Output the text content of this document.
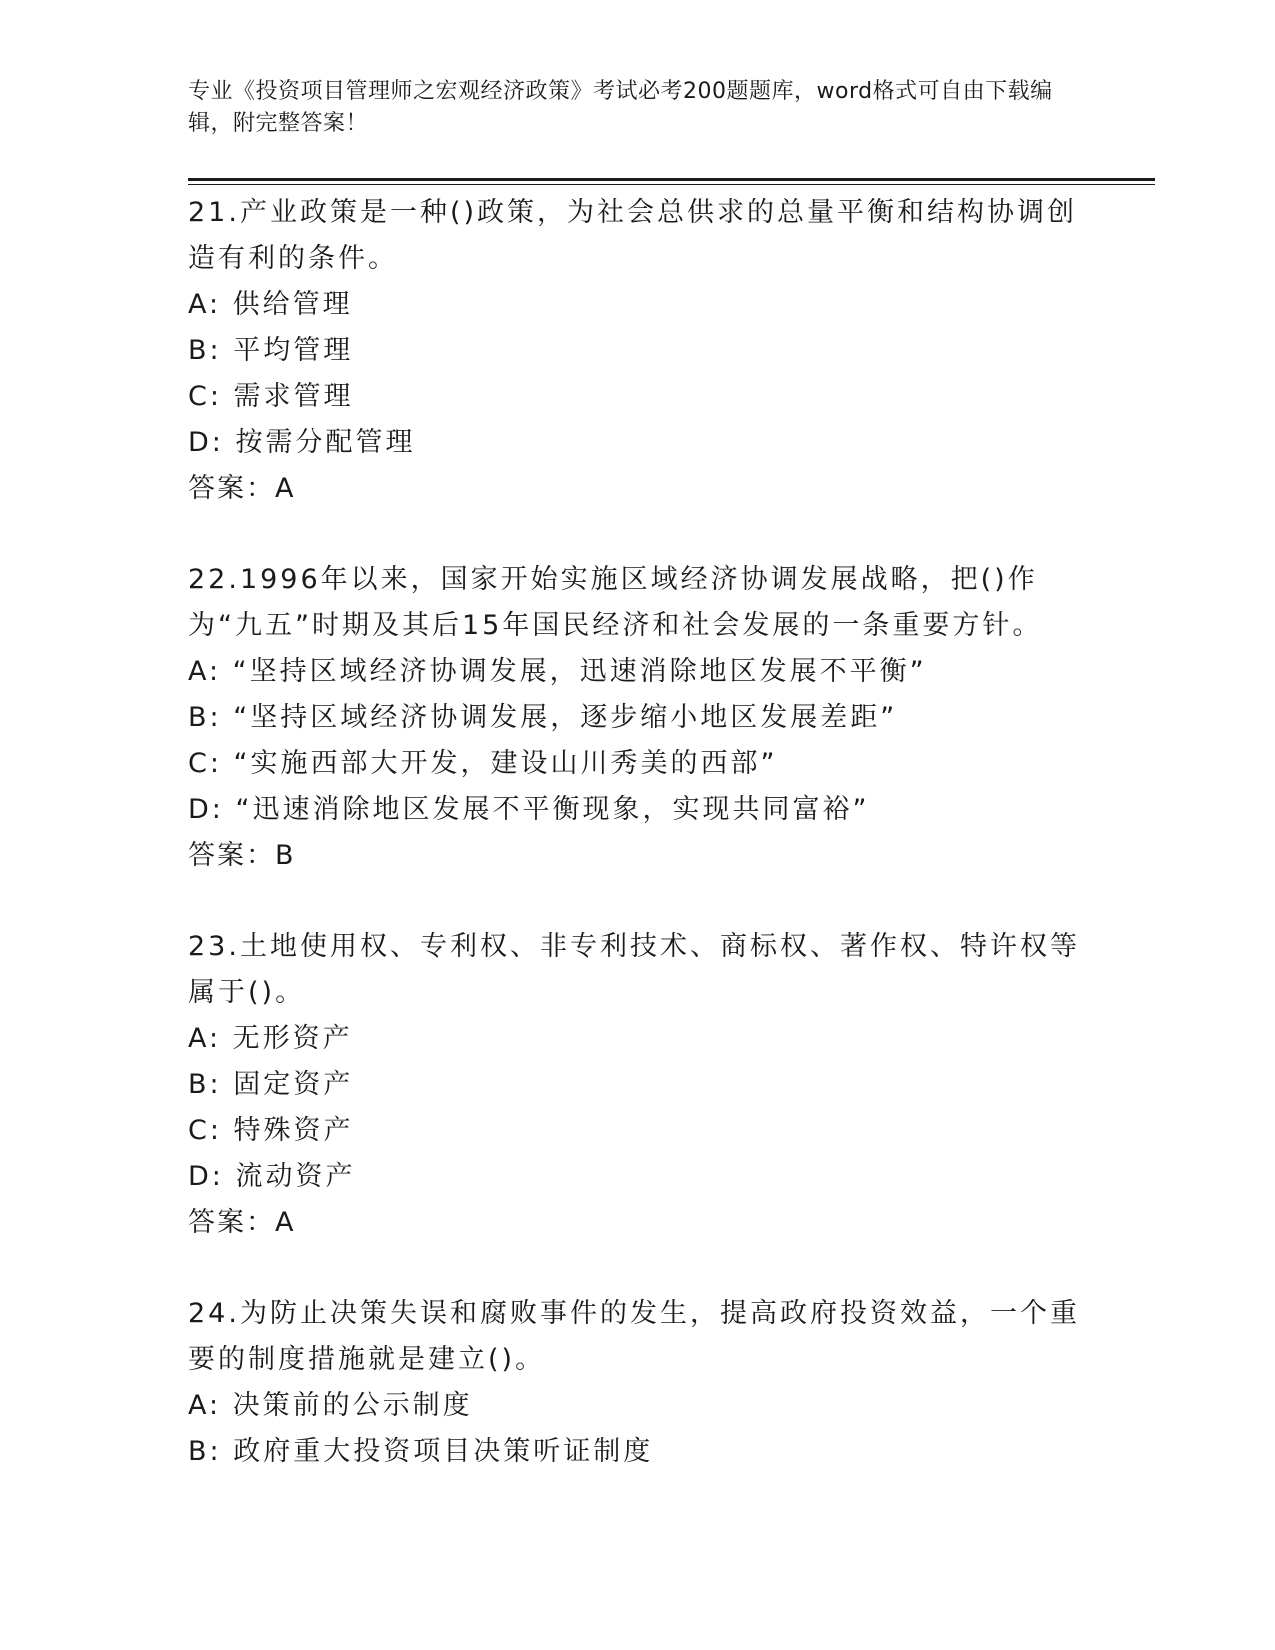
专业《投资项目管理师之宏观经济政策》考试必考200题题库，word格式可自由下载编辑，附完整答案！
21.产业政策是一种()政策，为社会总供求的总量平衡和结构协调创造有利的条件。
A: 供给管理
B: 平均管理
C: 需求管理
D: 按需分配管理
答案：A
22.1996年以来，国家开始实施区域经济协调发展战略，把()作为“九五”时期及其后15年国民经济和社会发展的一条重要方针。
A: “坚持区域经济协调发展，迅速消除地区发展不平衡”
B: “坚持区域经济协调发展，逐步缩小地区发展差距”
C: “实施西部大开发，建设山川秀美的西部”
D: “迅速消除地区发展不平衡现象，实现共同富裕”
答案：B
23.土地使用权、专利权、非专利技术、商标权、著作权、特许权等属于()。
A: 无形资产
B: 固定资产
C: 特殊资产
D: 流动资产
答案：A
24.为防止决策失误和腐败事件的发生，提高政府投资效益，一个重要的制度措施就是建立()。
A: 决策前的公示制度
B: 政府重大投资项目决策听证制度
